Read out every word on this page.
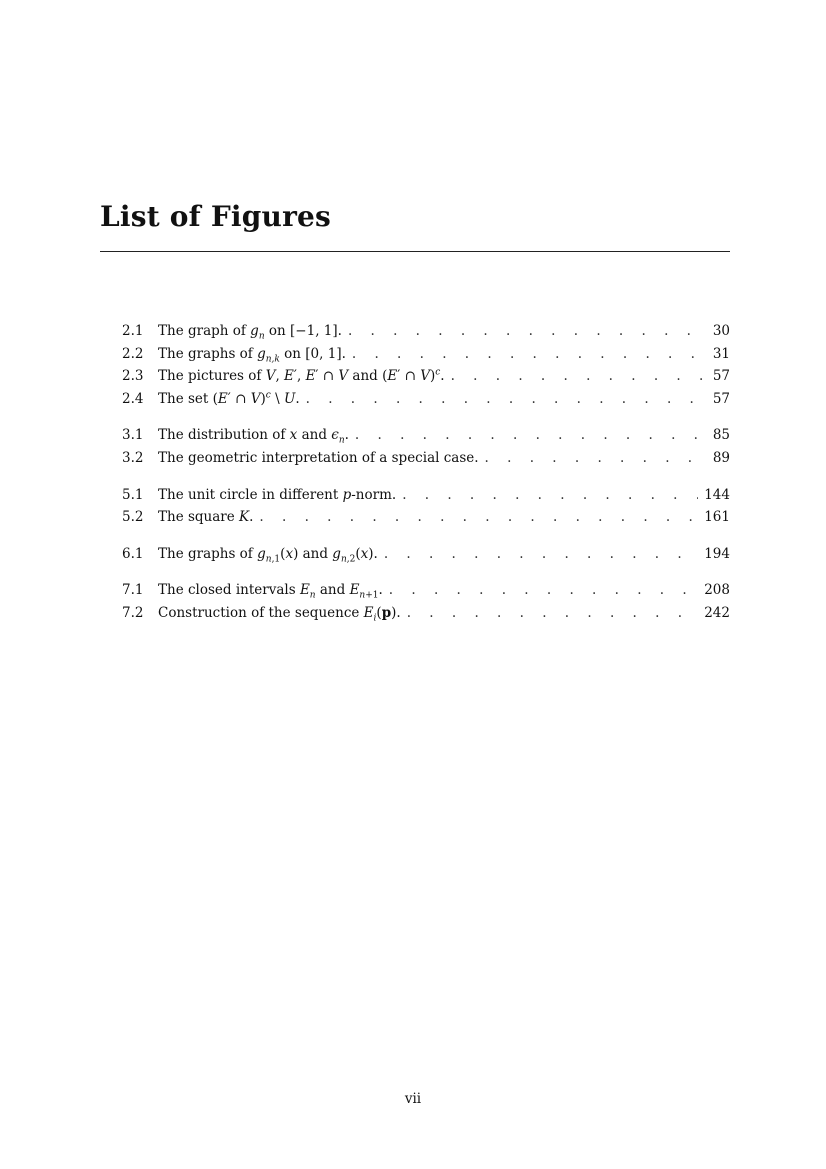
List of Figures
2.1	The graph of $g_n$ on [−1, 1]. . . .	30
2.2	The graphs of $g_{n,k}$ on [0, 1]. . . .	31
2.3	The pictures of V, E′, E′ ∩ V and (E′ ∩ V)$^c$. . . .	57
2.4	The set (E′ ∩ V)$^c$ \ U. . . .	57
3.1	The distribution of x and $\epsilon_n$. . . .	85
3.2	The geometric interpretation of a special case. . . .	89
5.1	The unit circle in different p-norm. . . .	144
5.2	The square K. . . .	161
6.1	The graphs of $g_{n,1}(x)$ and $g_{n,2}(x)$. . . .	194
7.1	The closed intervals $E_n$ and $E_{n+1}$. . . .	208
7.2	Construction of the sequence $E_i(p)$. . . .	242
vii
